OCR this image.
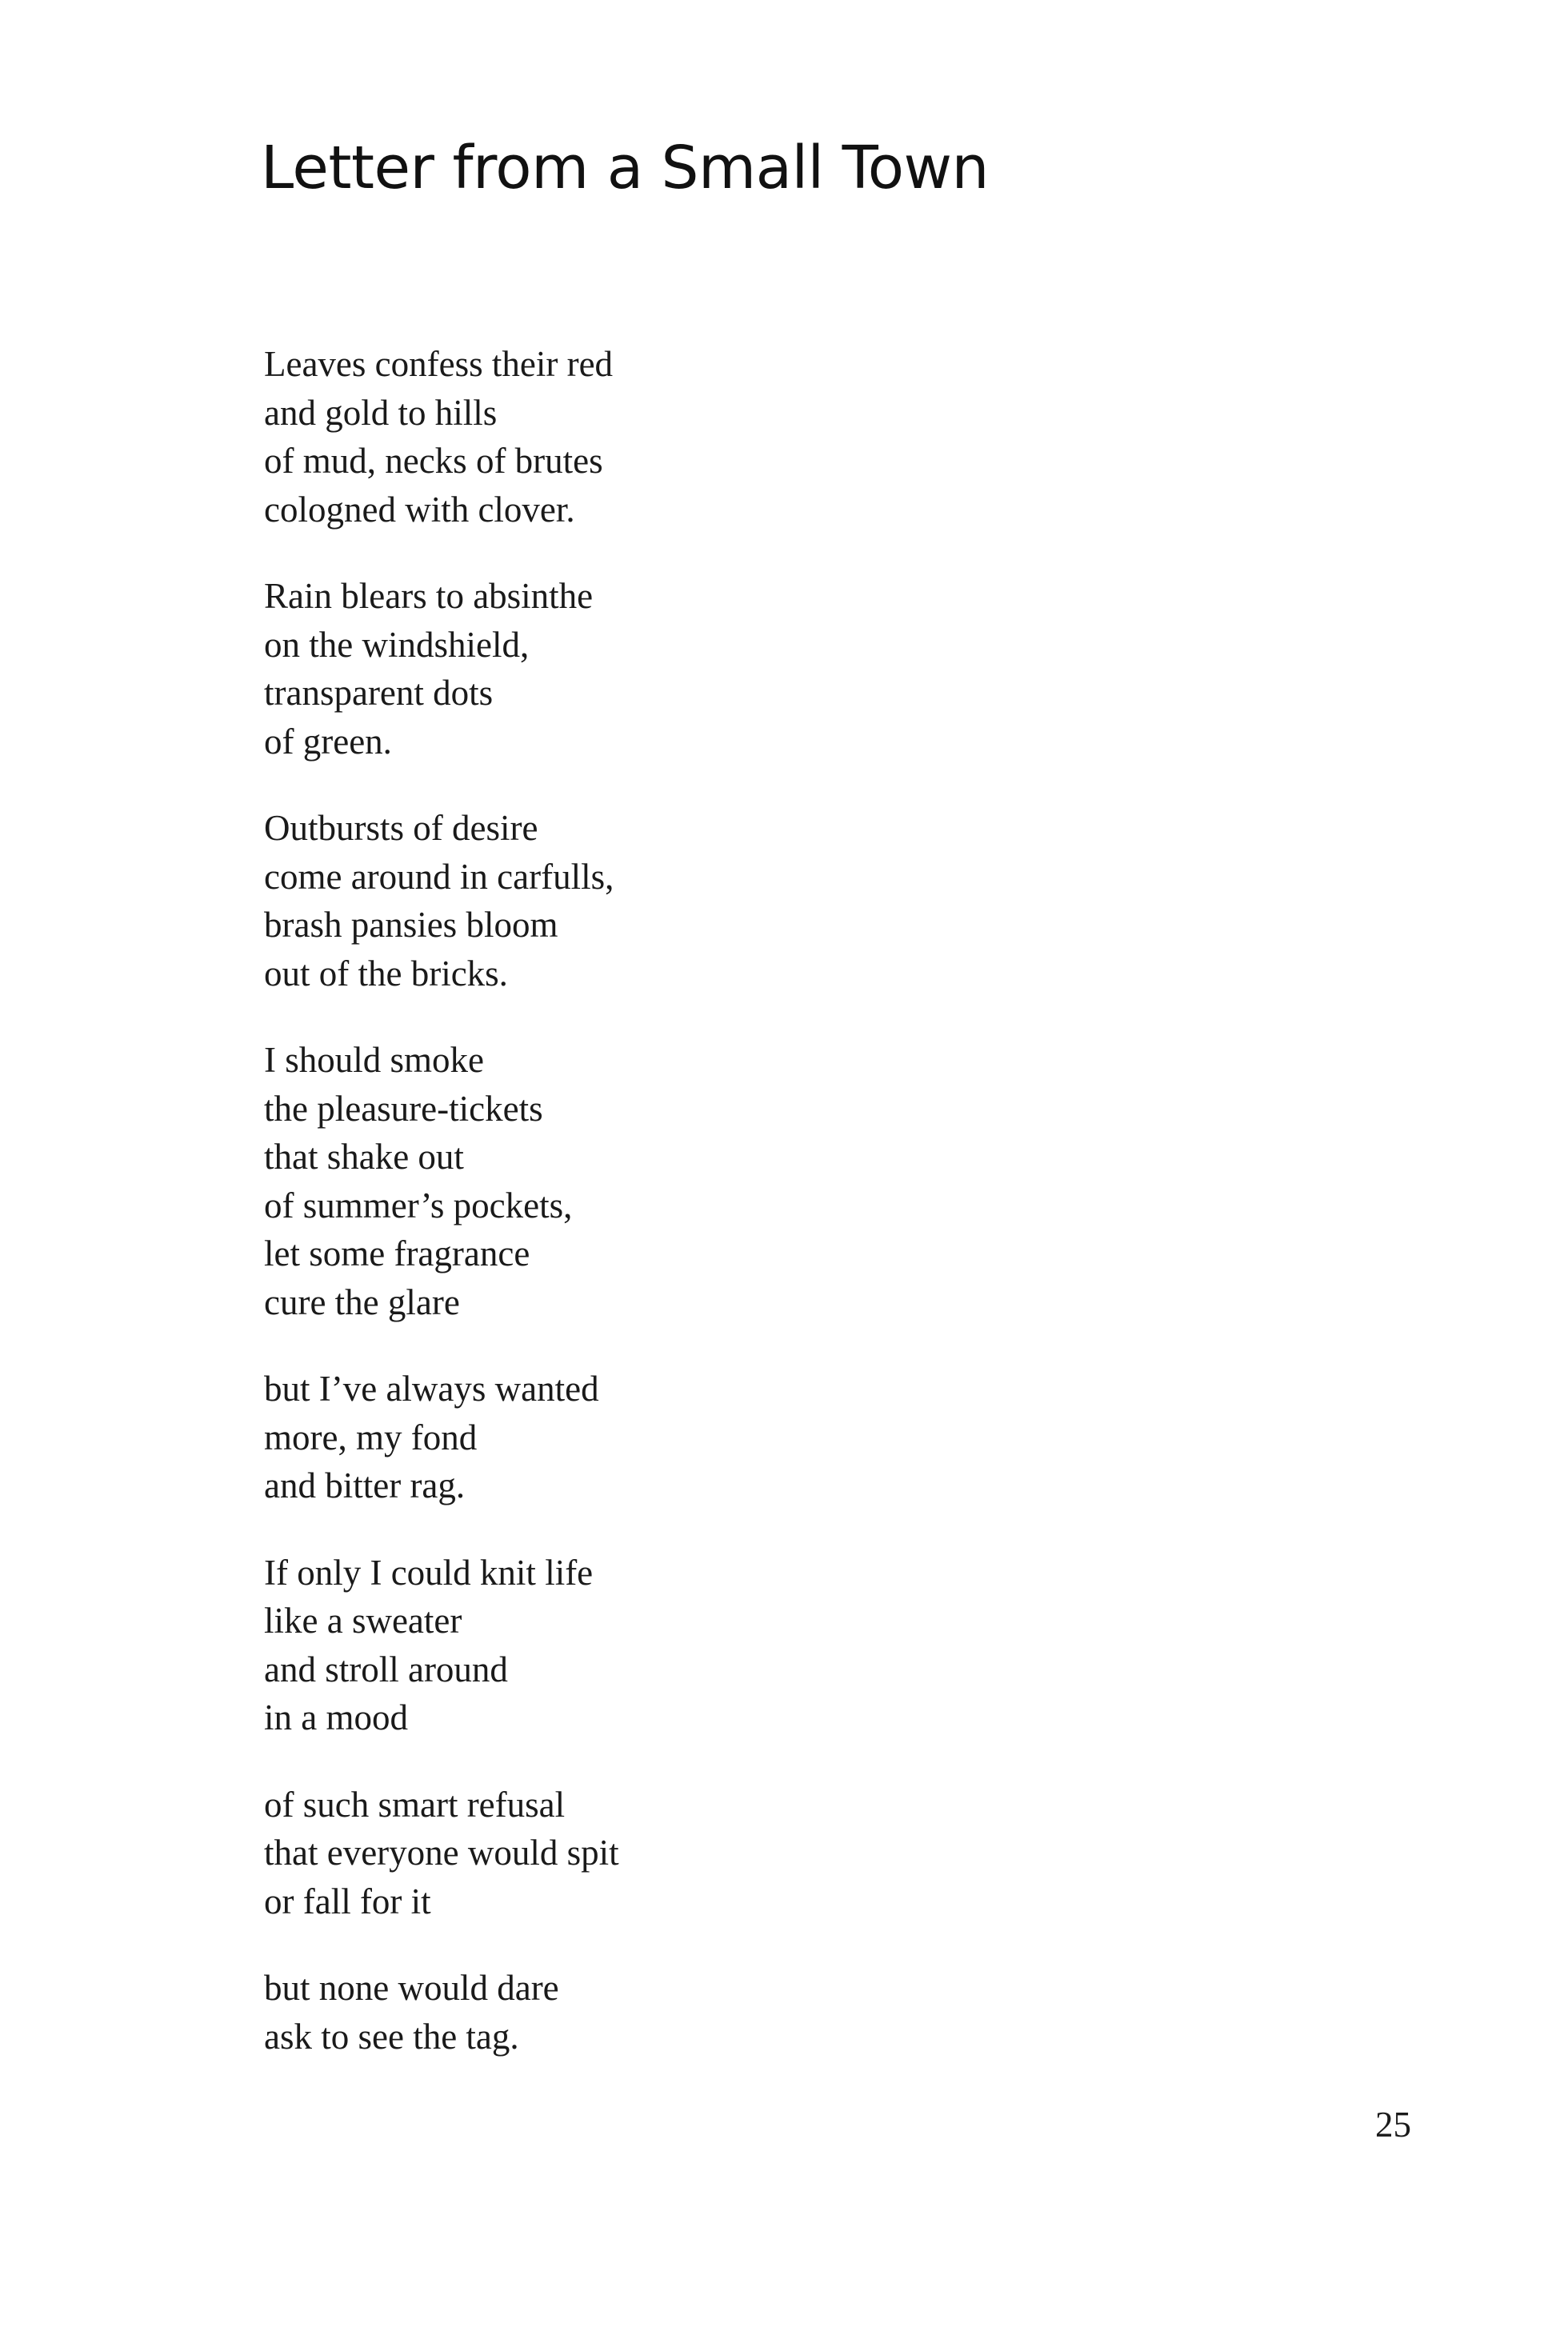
Letter from a Small Town

Leaves confess their red
and gold to hills
of mud, necks of brutes
cologned with clover.

Rain blears to absinthe
on the windshield,
transparent dots
of green.

Outbursts of desire
come around in carfulls,
brash pansies bloom
out of the bricks.

I should smoke
the pleasure-tickets
that shake out
of summer’s pockets,
let some fragrance
cure the glare

but I’ve always wanted
more, my fond
and bitter rag.

If only I could knit life
like a sweater
and stroll around
in a mood

of such smart refusal
that everyone would spit
or fall for it

but none would dare
ask to see the tag.

25
